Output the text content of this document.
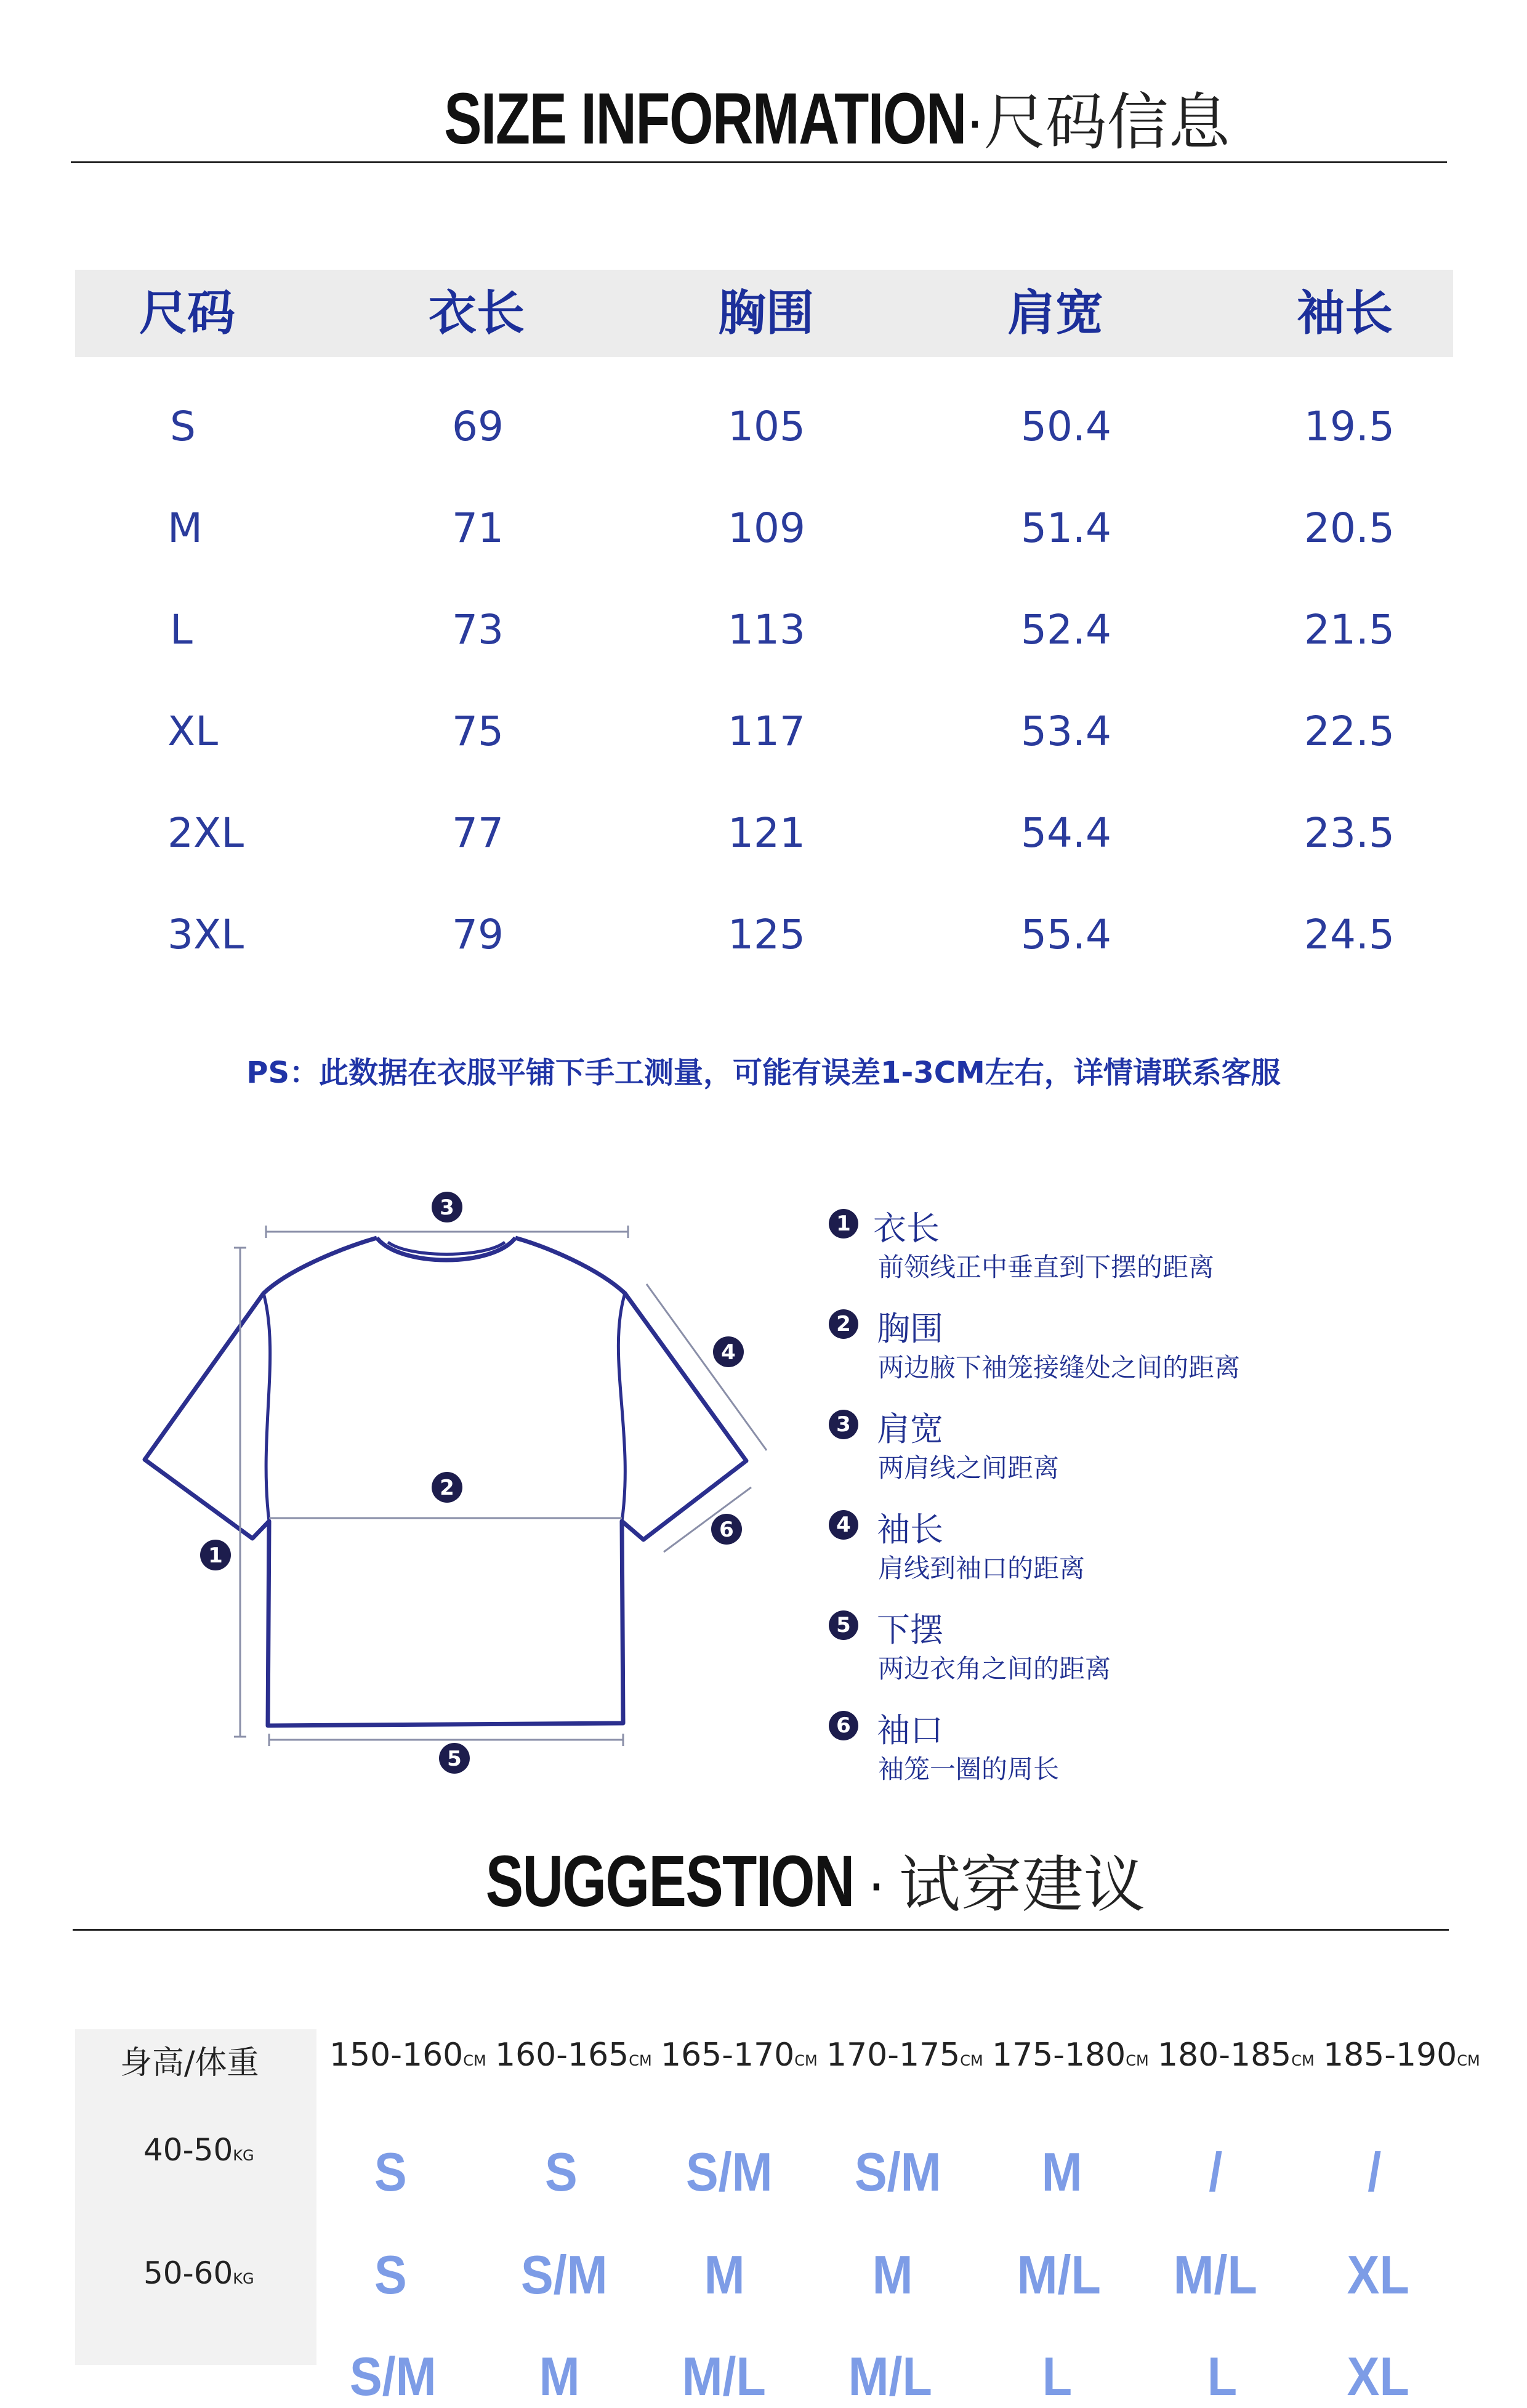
SIZE INFORMATION·尺码信息
尺码	衣长	胸围	肩宽	袖长
S	69	105	50.4	19.5
M	71	109	51.4	20.5
L	73	113	52.4	21.5
XL	75	117	53.4	22.5
2XL	77	121	54.4	23.5
3XL	79	125	55.4	24.5
PS：此数据在衣服平铺下手工测量，可能有误差1-3CM左右，详情请联系客服
1
2
3
4
5
6
1 衣长
前领线正中垂直到下摆的距离
2 胸围
两边腋下袖笼接缝处之间的距离
3 肩宽
两肩线之间距离
4 袖长
肩线到袖口的距离
5 下摆
两边衣角之间的距离
6 袖口
袖笼一圈的周长
SUGGESTION · 试穿建议
身高/体重 150-160CM 160-165CM 165-170CM 170-175CM 175-180CM 180-185CM 185-190CM
40-50KG S	S S/M S/M M /	/
50-60KG S S/M M M M/L M/L XL
S/M M M/L M/L L L XL
